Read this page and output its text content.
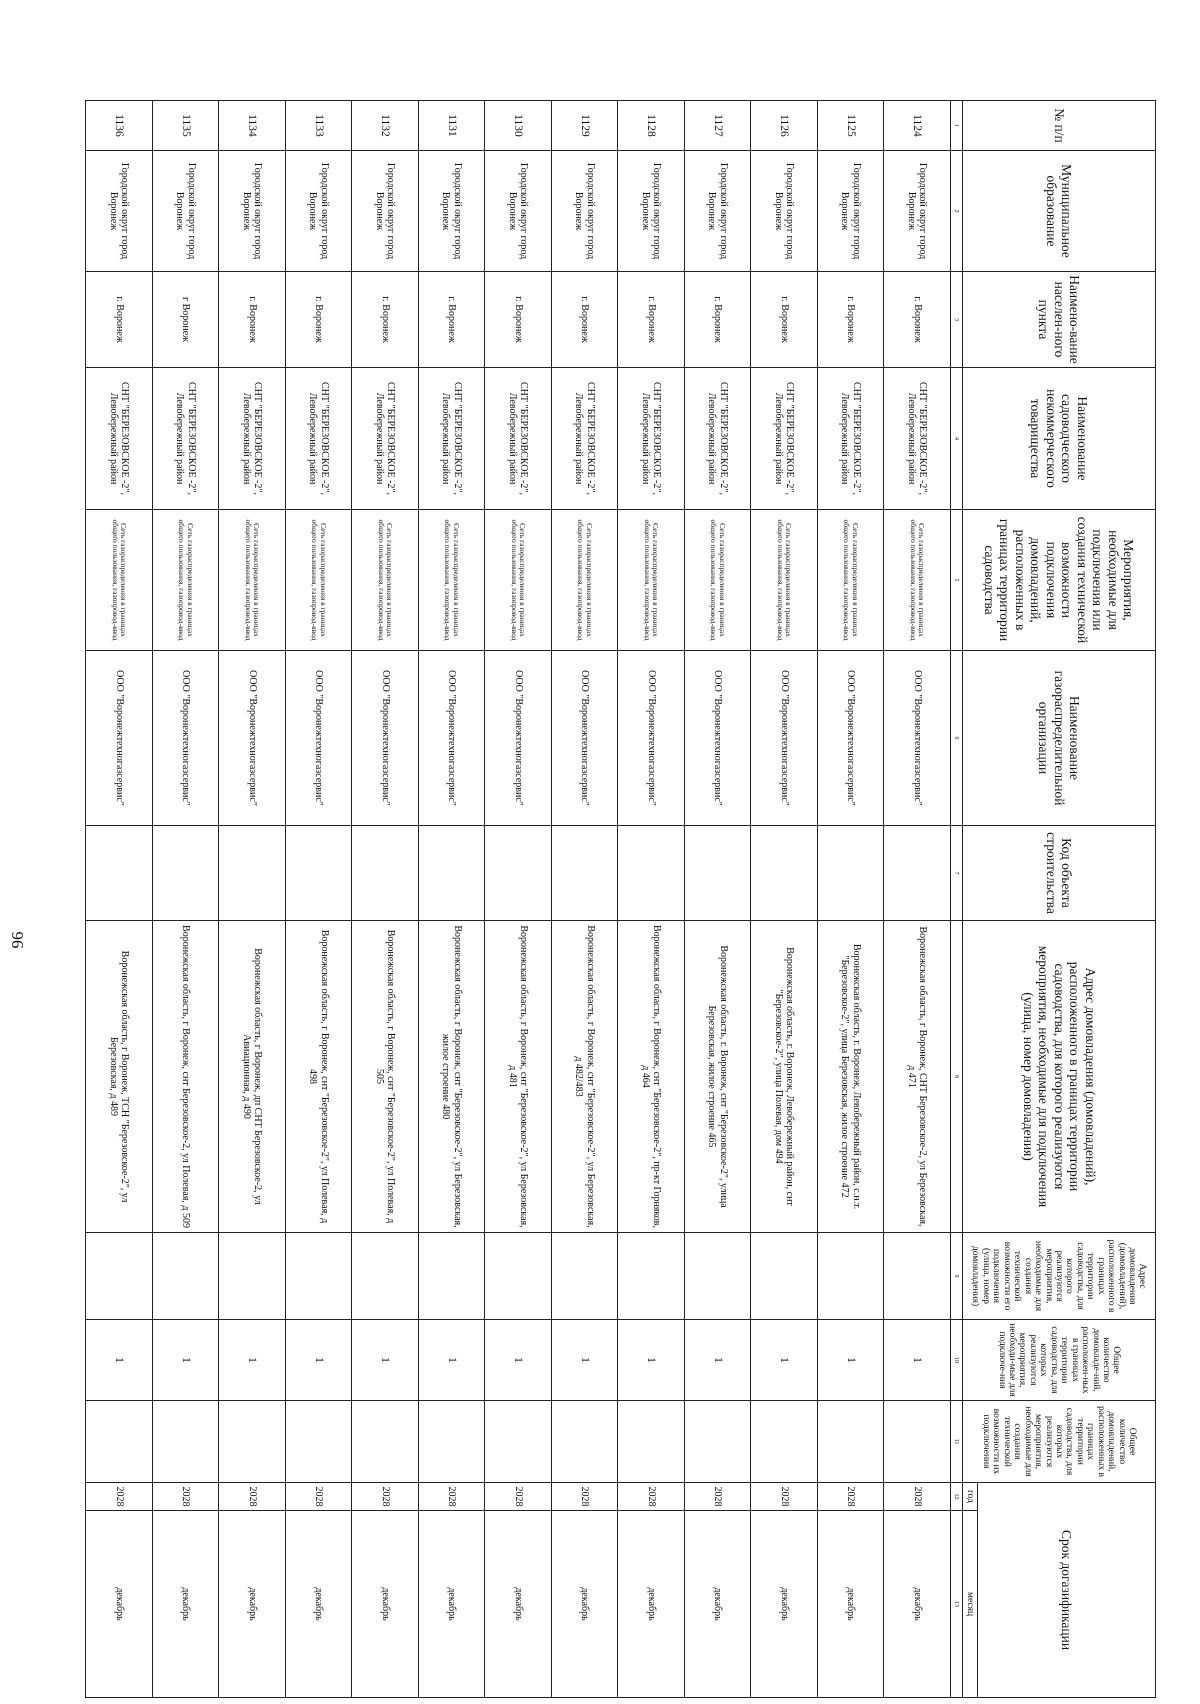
96
№ п/п	Муниципальное образование	Наимено-вание населен-ного пункта	Наименование садоводческого некоммерческого товарищества	Мероприятия, необходимые для подключения или создания технической возможности подключения домовладений, расположенных в границах территории садоводства	Наименование газораспределительной организации	Код объекта строительства	Адрес домовладения (домовладений), расположенного в границах территории садоводства, для которого реализуются мероприятия, необходимые для подключения (улица, номер домовладения)	Адрес домовладения (домовладений), расположенного в границах территории садоводства, для которого реализуются мероприятия, необходимые для создания технической возможности его подключения (улица, номер домовладения)	Общее количество домовладе-ний, расположен-ных в границах территории садоводства, для которых реализуются мероприятия, необходи-мые для подключе-ния	Общее количество домовладений, расположенных в границах территории садоводства, для которых реализуются мероприятия, необходимые для создания технической возможности их подключения	Срок догазификации	
											год	месяц
1	2	3	4	5	6	7	8	9	10	11	12	13
1124	Городской округ город Воронеж	г. Воронеж	СНТ "БЕРЕЗОВСКОЕ -2", Левобережный район	Сеть газораспределения в границах общего пользования, газопровод-ввод	ООО "Воронежтехногазсервис"		Воронежская область, г Воронеж, СНТ Березовское-2, ул Березовская, д 471		1		2028	декабрь
1125	Городской округ город Воронеж	г. Воронеж	СНТ "БЕРЕЗОВСКОЕ -2", Левобережный район	Сеть газораспределения в границах общего пользования, газопровод-ввод	ООО "Воронежтехногазсервис"		Воронежская область, г. Воронеж, Левобережный район, с.н.т. "Березовское-2", улица Березовская, жилое строение 472		1		2028	декабрь
1126	Городской округ город Воронеж	г. Воронеж	СНТ "БЕРЕЗОВСКОЕ -2", Левобережный район	Сеть газораспределения в границах общего пользования, газопровод-ввод	ООО "Воронежтехногазсервис"		Воронежская область, г. Воронеж, Левобережный район, снт "Березовское-2", улица Полевая, дом 494		1		2028	декабрь
1127	Городской округ город Воронеж	г. Воронеж	СНТ "БЕРЕЗОВСКОЕ -2", Левобережный район	Сеть газораспределения в границах общего пользования, газопровод-ввод	ООО "Воронежтехногазсервис"		Воронежская область, г. Воронеж, снт "Березовское-2", улица Березовская, жилое строение 465		1		2028	декабрь
1128	Городской округ город Воронеж	г. Воронеж	СНТ "БЕРЕЗОВСКОЕ -2", Левобережный район	Сеть газораспределения в границах общего пользования, газопровод-ввод	ООО "Воронежтехногазсервис"		Воронежская область, г Воронеж, снт "Березовское-2", пр-кт Горняков, д 464		1		2028	декабрь
1129	Городской округ город Воронеж	г. Воронеж	СНТ "БЕРЕЗОВСКОЕ -2", Левобережный район	Сеть газораспределения в границах общего пользования, газопровод-ввод	ООО "Воронежтехногазсервис"		Воронежская область, г Воронеж, снт "Березовское-2", ул Березовская, д 482/483		1		2028	декабрь
1130	Городской округ город Воронеж	г. Воронеж	СНТ "БЕРЕЗОВСКОЕ -2", Левобережный район	Сеть газораспределения в границах общего пользования, газопровод-ввод	ООО "Воронежтехногазсервис"		Воронежская область, г Воронеж, снт "Березовское-2", ул Березовская, д 481		1		2028	декабрь
1131	Городской округ город Воронеж	г. Воронеж	СНТ "БЕРЕЗОВСКОЕ -2", Левобережный район	Сеть газораспределения в границах общего пользования, газопровод-ввод	ООО "Воронежтехногазсервис"		Воронежская область, г Воронеж, снт "Березовское-2", ул Березовская, жилое строение 480		1		2028	декабрь
1132	Городской округ город Воронеж	г. Воронеж	СНТ "БЕРЕЗОВСКОЕ -2", Левобережный район	Сеть газораспределения в границах общего пользования, газопровод-ввод	ООО "Воронежтехногазсервис"		Воронежская область, г Воронеж, снт "Березовское-2", ул Полевая, д 505		1		2028	декабрь
1133	Городской округ город Воронеж	г. Воронеж	СНТ "БЕРЕЗОВСКОЕ -2", Левобережный район	Сеть газораспределения в границах общего пользования, газопровод-ввод	ООО "Воронежтехногазсервис"		Воронежская область, г Воронеж, снт "Березовское-2", ул Полевая, д 498		1		2028	декабрь
1134	Городской округ город Воронеж	г. Воронеж	СНТ "БЕРЕЗОВСКОЕ -2", Левобережный район	Сеть газораспределения в границах общего пользования, газопровод-ввод	ООО "Воронежтехногазсервис"		Воронежская область, г Воронеж, дп СНТ Березовское-2, ул Авиационная, д 490		1		2028	декабрь
1135	Городской округ город Воронеж	г Воронеж	СНТ "БЕРЕЗОВСКОЕ -2", Левобережный район	Сеть газораспределения в границах общего пользования, газопровод-ввод	ООО "Воронежтехногазсервис"		Воронежская область, г Воронеж, снт Березовское-2, ул Полевая, д 509		1		2028	декабрь
1136	Городской округ город Воронеж	г. Воронеж	СНТ "БЕРЕЗОВСКОЕ -2", Левобережный район	Сеть газораспределения в границах общего пользования, газопровод-ввод	ООО "Воронежтехногазсервис"		Воронежская область, г Воронеж, ТСН "Березовское-2", ул Березовская, д 489		1		2028	декабрь
